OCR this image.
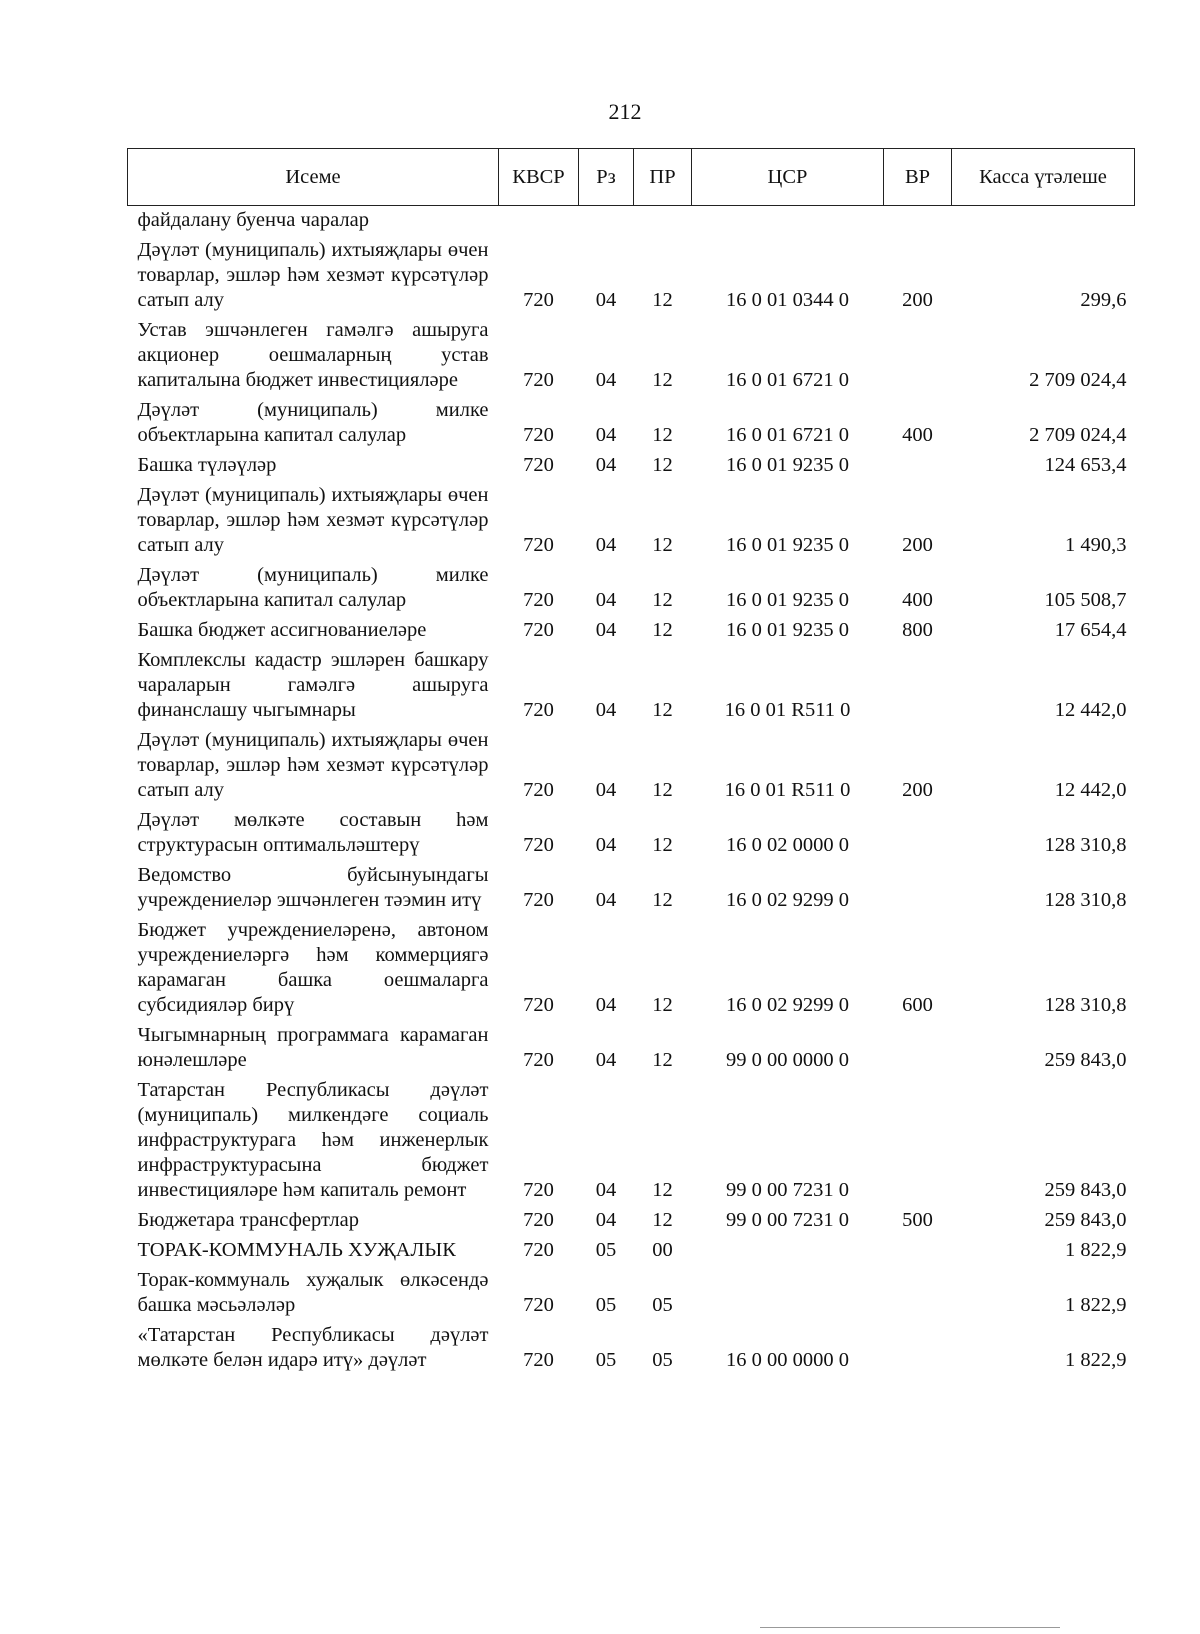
212
Исеме	КВСР	Рз	ПР	ЦСР	ВР	Касса үтәлеше
файдалану буенча чаралар						
Дәүләт (муниципаль) ихтыяҗлары өчен товарлар, эшләр һәм хезмәт күрсәтүләр сатып алу	720	04	12	16 0 01 0344 0	200	299,6
Устав эшчәнлеген гамәлгә ашыруга акционер оешмаларның устав капиталына бюджет инвестицияләре	720	04	12	16 0 01 6721 0		2 709 024,4
Дәүләт (муниципаль) милке объектларына капитал салулар	720	04	12	16 0 01 6721 0	400	2 709 024,4
Башка түләүләр	720	04	12	16 0 01 9235 0		124 653,4
Дәүләт (муниципаль) ихтыяҗлары өчен товарлар, эшләр һәм хезмәт күрсәтүләр сатып алу	720	04	12	16 0 01 9235 0	200	1 490,3
Дәүләт (муниципаль) милке объектларына капитал салулар	720	04	12	16 0 01 9235 0	400	105 508,7
Башка бюджет ассигнованиеләре	720	04	12	16 0 01 9235 0	800	17 654,4
Комплекслы кадастр эшләрен башкару чараларын гамәлгә ашыруга финанслашу чыгымнары	720	04	12	16 0 01 R511 0		12 442,0
Дәүләт (муниципаль) ихтыяҗлары өчен товарлар, эшләр һәм хезмәт күрсәтүләр сатып алу	720	04	12	16 0 01 R511 0	200	12 442,0
Дәүләт мөлкәте составын һәм структурасын оптимальләштерү	720	04	12	16 0 02 0000 0		128 310,8
Ведомство буйсынуындагы учреждениеләр эшчәнлеген тәэмин итү	720	04	12	16 0 02 9299 0		128 310,8
Бюджет учреждениеләренә, автоном учреждениеләргә һәм коммерциягә карамаган башка оешмаларга субсидияләр бирү	720	04	12	16 0 02 9299 0	600	128 310,8
Чыгымнарның программага карамаган юнәлешләре	720	04	12	99 0 00 0000 0		259 843,0
Татарстан Республикасы дәүләт (муниципаль) милкендәге социаль инфраструктурага һәм инженерлык инфраструктурасына бюджет инвестицияләре һәм капиталь ремонт	720	04	12	99 0 00 7231 0		259 843,0
Бюджетара трансфертлар	720	04	12	99 0 00 7231 0	500	259 843,0
ТОРАК-КОММУНАЛЬ ХУҖАЛЫК	720	05	00			1 822,9
Торак-коммуналь хуҗалык өлкәсендә башка мәсьәләләр	720	05	05			1 822,9
«Татарстан Республикасы дәүләт мөлкәте белән идарә итү» дәүләт	720	05	05	16 0 00 0000 0		1 822,9
